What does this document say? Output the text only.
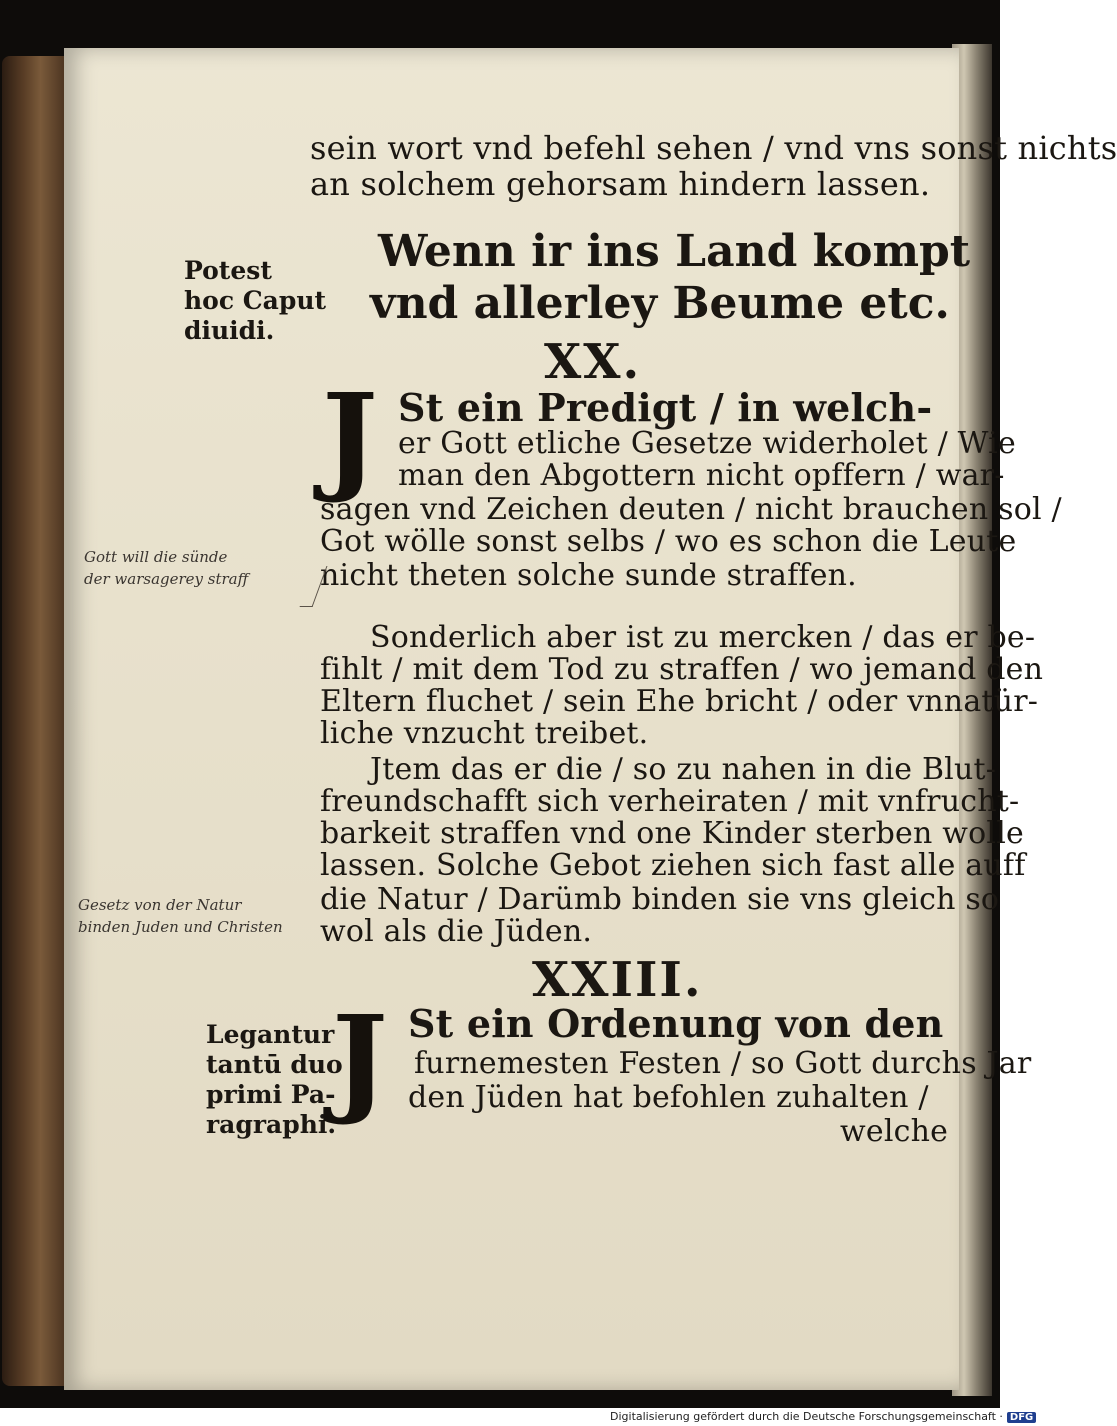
sein wort vnd befehl sehen / vnd vns sonst nichts

an solchem gehorsam hindern lassen.

Potest
hoc Caput
diuidi.

Wenn ir ins Land kompt

vnd allerley Beume etc.

XX.

J St ein Predigt / in welch-

er Gott etliche Gesetze widerholet / Wie

man den Abgottern nicht opffern / war-

sagen vnd Zeichen deuten / nicht brauchen sol /

Got wölle sonst selbs / wo es schon die Leute

nicht theten solche sunde straffen.

Gott will die sünde
der warsagerey straff

Sonderlich aber ist zu mercken / das er be-

fihlt / mit dem Tod zu straffen / wo jemand den

Eltern fluchet / sein Ehe bricht / oder vnnatür-

liche vnzucht treibet.

Jtem das er die / so zu nahen in die Blut-

freundschafft sich verheiraten / mit vnfrucht-

barkeit straffen vnd one Kinder sterben wolle

lassen. Solche Gebot ziehen sich fast alle auff

die Natur / Darümb binden sie vns gleich so

wol als die Jüden.

Gesetz von der Natur
binden Juden und Christen

XXIII.

Legantur
tantū duo
primi Pa-
ragraphi.

J St ein Ordenung von den

furnemesten Festen / so Gott durchs Jar

den Jüden hat befohlen zuhalten /

welche

Digitalisierung gefördert durch die Deutsche Forschungsgemeinschaft · DFG
